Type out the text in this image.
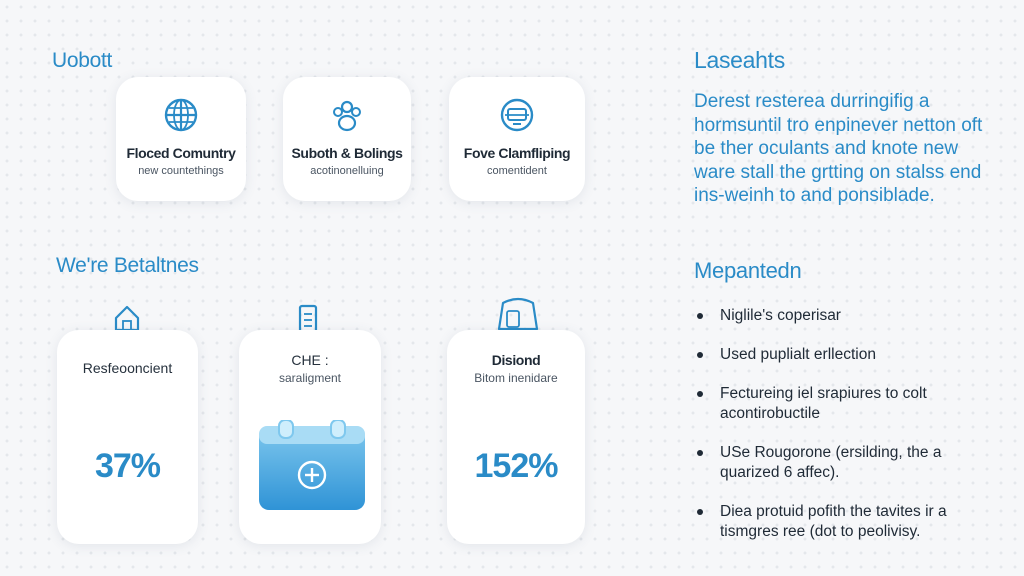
Uobott
Floced Comuntry
new countethings
Suboth & Bolings
acotinonelluing
Fove Clamfliping
comentident
We're Betaltnes
Resfeooncient
37%
CHE :
saraligment
Disiond
Bitom inenidare
152%
Laseahts
Derest resterea durringifig a hormsuntil tro enpinever netton oft be ther oculants and knote new ware stall the grtting on stalss end ins-weinh to and ponsiblade.
Mepantedn
Niglile's coperisar
Used puplialt erllection
Fectureing iel srapiures to colt acontirobuctile
USe Rougorone (ersilding, the a quarized 6 affec).
Diea protuid pofith the tavites ir a tismgres ree (dot to peolivisy.
